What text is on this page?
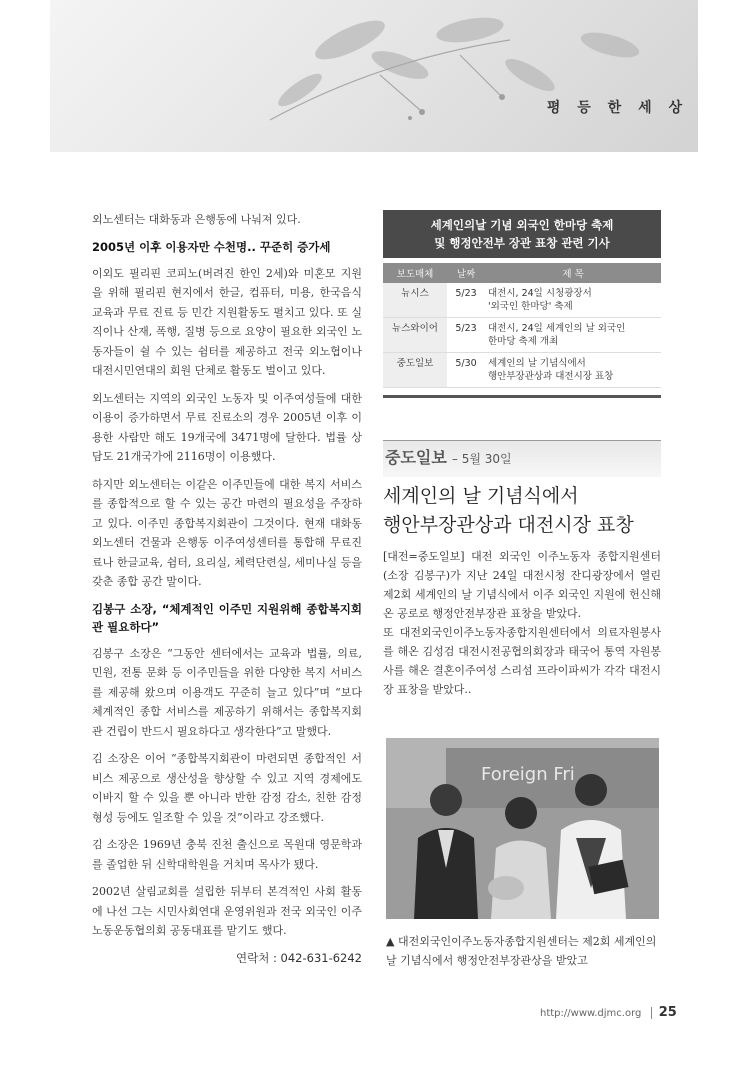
평 등 한 세 상

외노센터는 대화동과 은행동에 나눠져 있다.

2005년 이후 이용자만 수천명.. 꾸준히 증가세

이외도 필리핀 코피노(버려진 한인 2세)와 미혼모 지원을 위해 필리핀 현지에서 한글, 컴퓨터, 미용, 한국음식 교육과 무료 진료 등 민간 지원활동도 펼치고 있다. 또 실직이나 산재, 폭행, 질병 등으로 요양이 필요한 외국인 노동자들이 쉴 수 있는 쉼터를 제공하고 전국 외노협이나 대전시민연대의 회원 단체로 활동도 벌이고 있다.

외노센터는 지역의 외국인 노동자 및 이주여성들에 대한 이용이 증가하면서 무료 진료소의 경우 2005년 이후 이용한 사람만 해도 19개국에 3471명에 달한다. 법률 상담도 21개국가에 2116명이 이용했다.

하지만 외노센터는 이같은 이주민들에 대한 복지 서비스를 종합적으로 할 수 있는 공간 마련의 필요성을 주장하고 있다. 이주민 종합복지회관이 그것이다. 현재 대화동 외노센터 건물과 은행동 이주여성센터를 통합해 무료진료나 한글교육, 쉼터, 요리실, 체력단련실, 세미나실 등을 갖춘 종합 공간 말이다.

김봉구 소장, “체계적인 이주민 지원위해 종합복지회관 필요하다”

김봉구 소장은 “그동안 센터에서는 교육과 법률, 의료, 민원, 전통 문화 등 이주민들을 위한 다양한 복지 서비스를 제공해 왔으며 이용객도 꾸준히 늘고 있다”며 “보다 체계적인 종합 서비스를 제공하기 위해서는 종합복지회관 건립이 반드시 필요하다고 생각한다”고 말했다.

김 소장은 이어 “종합복지회관이 마련되면 종합적인 서비스 제공으로 생산성을 향상할 수 있고 지역 경제에도 이바지 할 수 있을 뿐 아니라 반한 감정 감소, 친한 감정 형성 등에도 일조할 수 있을 것”이라고 강조했다.

김 소장은 1969년 충북 진천 출신으로 목원대 영문학과를 졸업한 뒤 신학대학원을 거치며 목사가 됐다.

2002년 살림교회를 설립한 뒤부터 본격적인 사회 활동에 나선 그는 시민사회연대 운영위원과 전국 외국인 이주노동운동협의회 공동대표를 맡기도 했다.

연락처 : 042-631-6242
세계인의날 기념 외국인 한마당 축제
및 행정안전부 장관 표창 관련 기사
보도매체	날짜	제 목
뉴시스	5/23	대전시, 24일 시청광장서
'외국인 한마당' 축제

뉴스와이어	5/23	대전시, 24일 세계인의 날 외국인
한마당 축제 개최

중도일보	5/30	세계인의 날 기념식에서
행안부장관상과 대전시장 표창
중도일보 – 5월 30일
세계인의 날 기념식에서
행안부장관상과 대전시장 표창

[대전=중도일보] 대전 외국인 이주노동자 종합지원센터(소장 김봉구)가 지난 24일 대전시청 잔디광장에서 열린 제2회 세계인의 날 기념식에서 이주 외국인 지원에 헌신해온 공로로 행정안전부장관 표창을 받았다.

또 대전외국인이주노동자종합지원센터에서 의료자원봉사를 해온 김성검 대전시전공협의회장과 태국어 통역 자원봉사를 해온 결혼이주여성 스리섬 프라이파씨가 각각 대전시장 표창을 받았다..

Foreign Fri
▲ 대전외국인이주노동자종합지원센터는 제2회 세계인의 날 기념식에서 행정안전부장관상을 받았고
http://www.djmc.org 25
